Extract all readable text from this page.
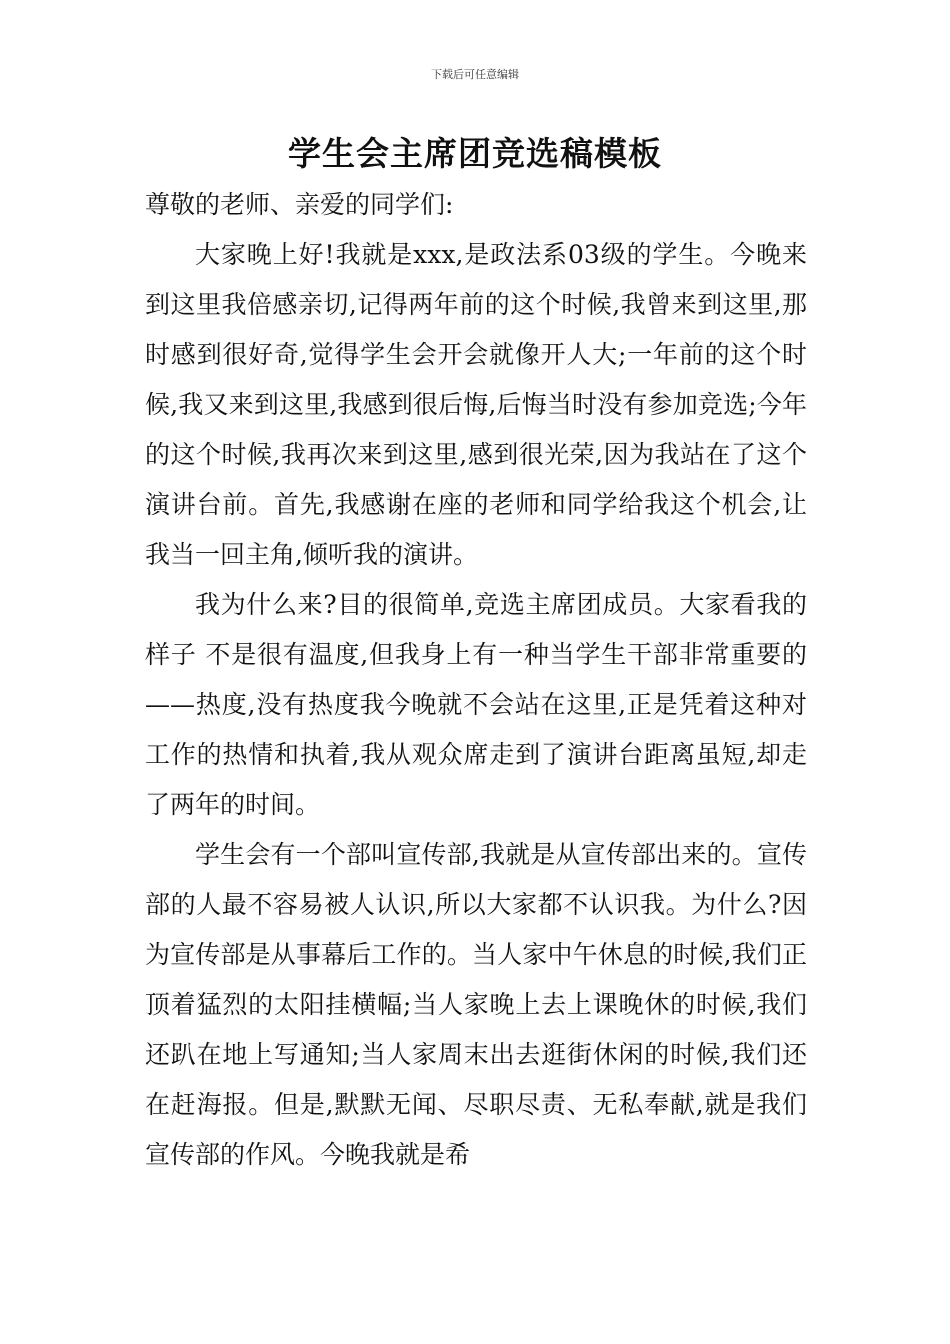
下载后可任意编辑
学生会主席团竞选稿模板

尊敬的老师、亲爱的同学们:

大家晚上好!我就是xxx,是政法系03级的学生。今晚来到这里我倍感亲切,记得两年前的这个时候,我曾来到这里,那时感到很好奇,觉得学生会开会就像开人大;一年前的这个时候,我又来到这里,我感到很后悔,后悔当时没有参加竞选;今年的这个时候,我再次来到这里,感到很光荣,因为我站在了这个演讲台前。首先,我感谢在座的老师和同学给我这个机会,让我当一回主角,倾听我的演讲。

我为什么来?目的很简单,竞选主席团成员。大家看我的样子 不是很有温度,但我身上有一种当学生干部非常重要的——热度,没有热度我今晚就不会站在这里,正是凭着这种对工作的热情和执着,我从观众席走到了演讲台距离虽短,却走了两年的时间。

学生会有一个部叫宣传部,我就是从宣传部出来的。宣传部的人最不容易被人认识,所以大家都不认识我。为什么?因为宣传部是从事幕后工作的。当人家中午休息的时候,我们正顶着猛烈的太阳挂横幅;当人家晚上去上课晚休的时候,我们还趴在地上写通知;当人家周末出去逛街休闲的时候,我们还在赶海报。但是,默默无闻、尽职尽责、无私奉献,就是我们宣传部的作风。今晚我就是希
